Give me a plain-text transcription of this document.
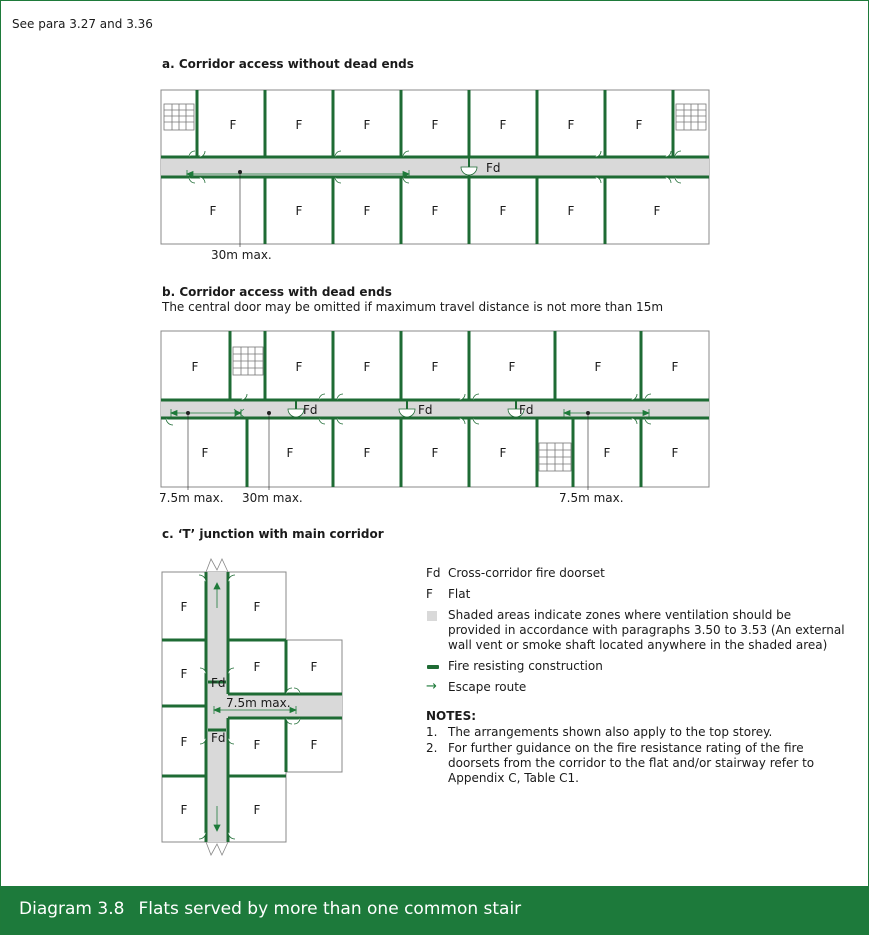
See para 3.27 and 3.36
a. Corridor access without dead ends
Fd
F	F	F	F	F	F	F
F	F	F	F	F	F	F
30m max.
b. Corridor access with dead ends
The central door may be omitted if maximum travel distance is not more than 15m
Fd	Fd	Fd
F	F	F	F	F	F	F
F	F	F	F	F	F	F
7.5m max. 30m max.	7.5m max.
c. ‘T’ junction with main corridor
Fd
Fd
7.5m max.
F	F
F	F	F
F	F	F
F	F
Fd Cross-corridor fire doorset
F Flat
Shaded areas indicate zones where ventilation should be provided in accordance with paragraphs 3.50 to 3.53 (An external wall vent or smoke shaft located anywhere in the shaded area)
Fire resisting construction
→ Escape route
NOTES:
1. The arrangements shown also apply to the top storey.
2. For further guidance on the fire resistance rating of the fire doorsets from the corridor to the flat and/or stairway refer to Appendix C, Table C1.
Diagram 3.8 Flats served by more than one common stair
